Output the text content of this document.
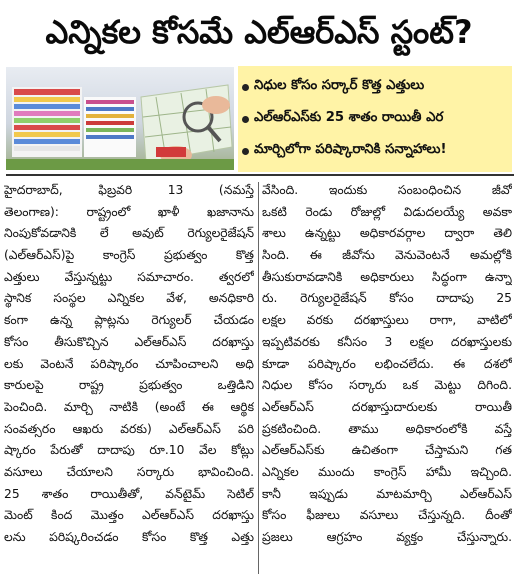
ఎన్నికల కోసమే ఎల్‌ఆర్‌ఎస్‌ స్టంట్‌?
నిధుల కోసం సర్కార్‌ కొత్త ఎత్తులు
ఎల్‌ఆర్‌ఎస్‌కు 25 శాతం రాయితీ ఎర
మార్చిలోగా పరిష్కారానికి సన్నాహాలు!
హైదరాబాద్‌, ఫిబ్రవరి 13 (నమస్తే
తెలంగాణ): రాష్ట్రంలో ఖాళీ ఖజానాను
నింపుకోవడానికి లే అవుట్‌ రెగ్యులరైజేషన్‌
(ఎల్‌ఆర్‌ఎస్‌)పై కాంగ్రెస్‌ ప్రభుత్వం కొత్త
ఎత్తులు వేస్తున్నట్టు సమాచారం. త్వరలో
స్థానిక సంస్థల ఎన్నికల వేళ, అనధికారి
కంగా ఉన్న ప్లాట్లను రెగ్యులర్‌ చేయడం
కోసం తీసుకొచ్చిన ఎల్‌ఆర్‌ఎస్‌ దరఖాస్తు
లకు వెంటనే పరిష్కారం చూపించాలని అధి
కారులపై రాష్ట్ర ప్రభుత్వం ఒత్తిడిని
పెంచింది. మార్చి నాటికి (అంటే ఈ ఆర్థిక
సంవత్సరం ఆఖరు వరకు) ఎల్‌ఆర్‌ఎస్‌ పరి
ష్కారం పేరుతో దాదాపు రూ.10 వేల కోట్లు
వసూలు చేయాలని సర్కారు భావించింది.
25 శాతం రాయితీతో, వన్‌టైమ్‌ సెటిల్‌
మెంట్‌ కింద మొత్తం ఎల్‌ఆర్‌ఎస్‌ దరఖాస్తు
లను పరిష్కరించడం కోసం కొత్త ఎత్తు
వేసింది. ఇందుకు సంబంధించిన జీవో
ఒకటి రెండు రోజుల్లో విడుదలయ్యే అవకా
శాలు ఉన్నట్టు అధికారవర్గాల ద్వారా తెలి
సింది. ఈ జీవోను వెనువెంటనే అమల్లోకి
తీసుకురావడానికి అధికారులు సిద్ధంగా ఉన్నా
రు. రెగ్యులరైజేషన్‌ కోసం దాదాపు 25
లక్షల వరకు దరఖాస్తులు రాగా, వాటిలో
ఇప్పటివరకు కనీసం 3 లక్షల దరఖాస్తులకు
కూడా పరిష్కారం లభించలేదు. ఈ దశలో
నిధుల కోసం సర్కారు ఒక మెట్టు దిగింది.
ఎల్‌ఆర్‌ఎస్‌ దరఖాస్తుదారులకు రాయితీ
ప్రకటించింది. తాము అధికారంలోకి వస్తే
ఎల్‌ఆర్‌ఎస్‌కు ఉచితంగా చేస్తామని గత
ఎన్నికల ముందు కాంగ్రెస్‌ హామీ ఇచ్చింది.
కానీ ఇప్పుడు మాటమార్చి ఎల్‌ఆర్‌ఎస్‌
కోసం ఫీజులు వసూలు చేస్తున్నది. దీంతో
ప్రజలు ఆగ్రహం వ్యక్తం చేస్తున్నారు.
